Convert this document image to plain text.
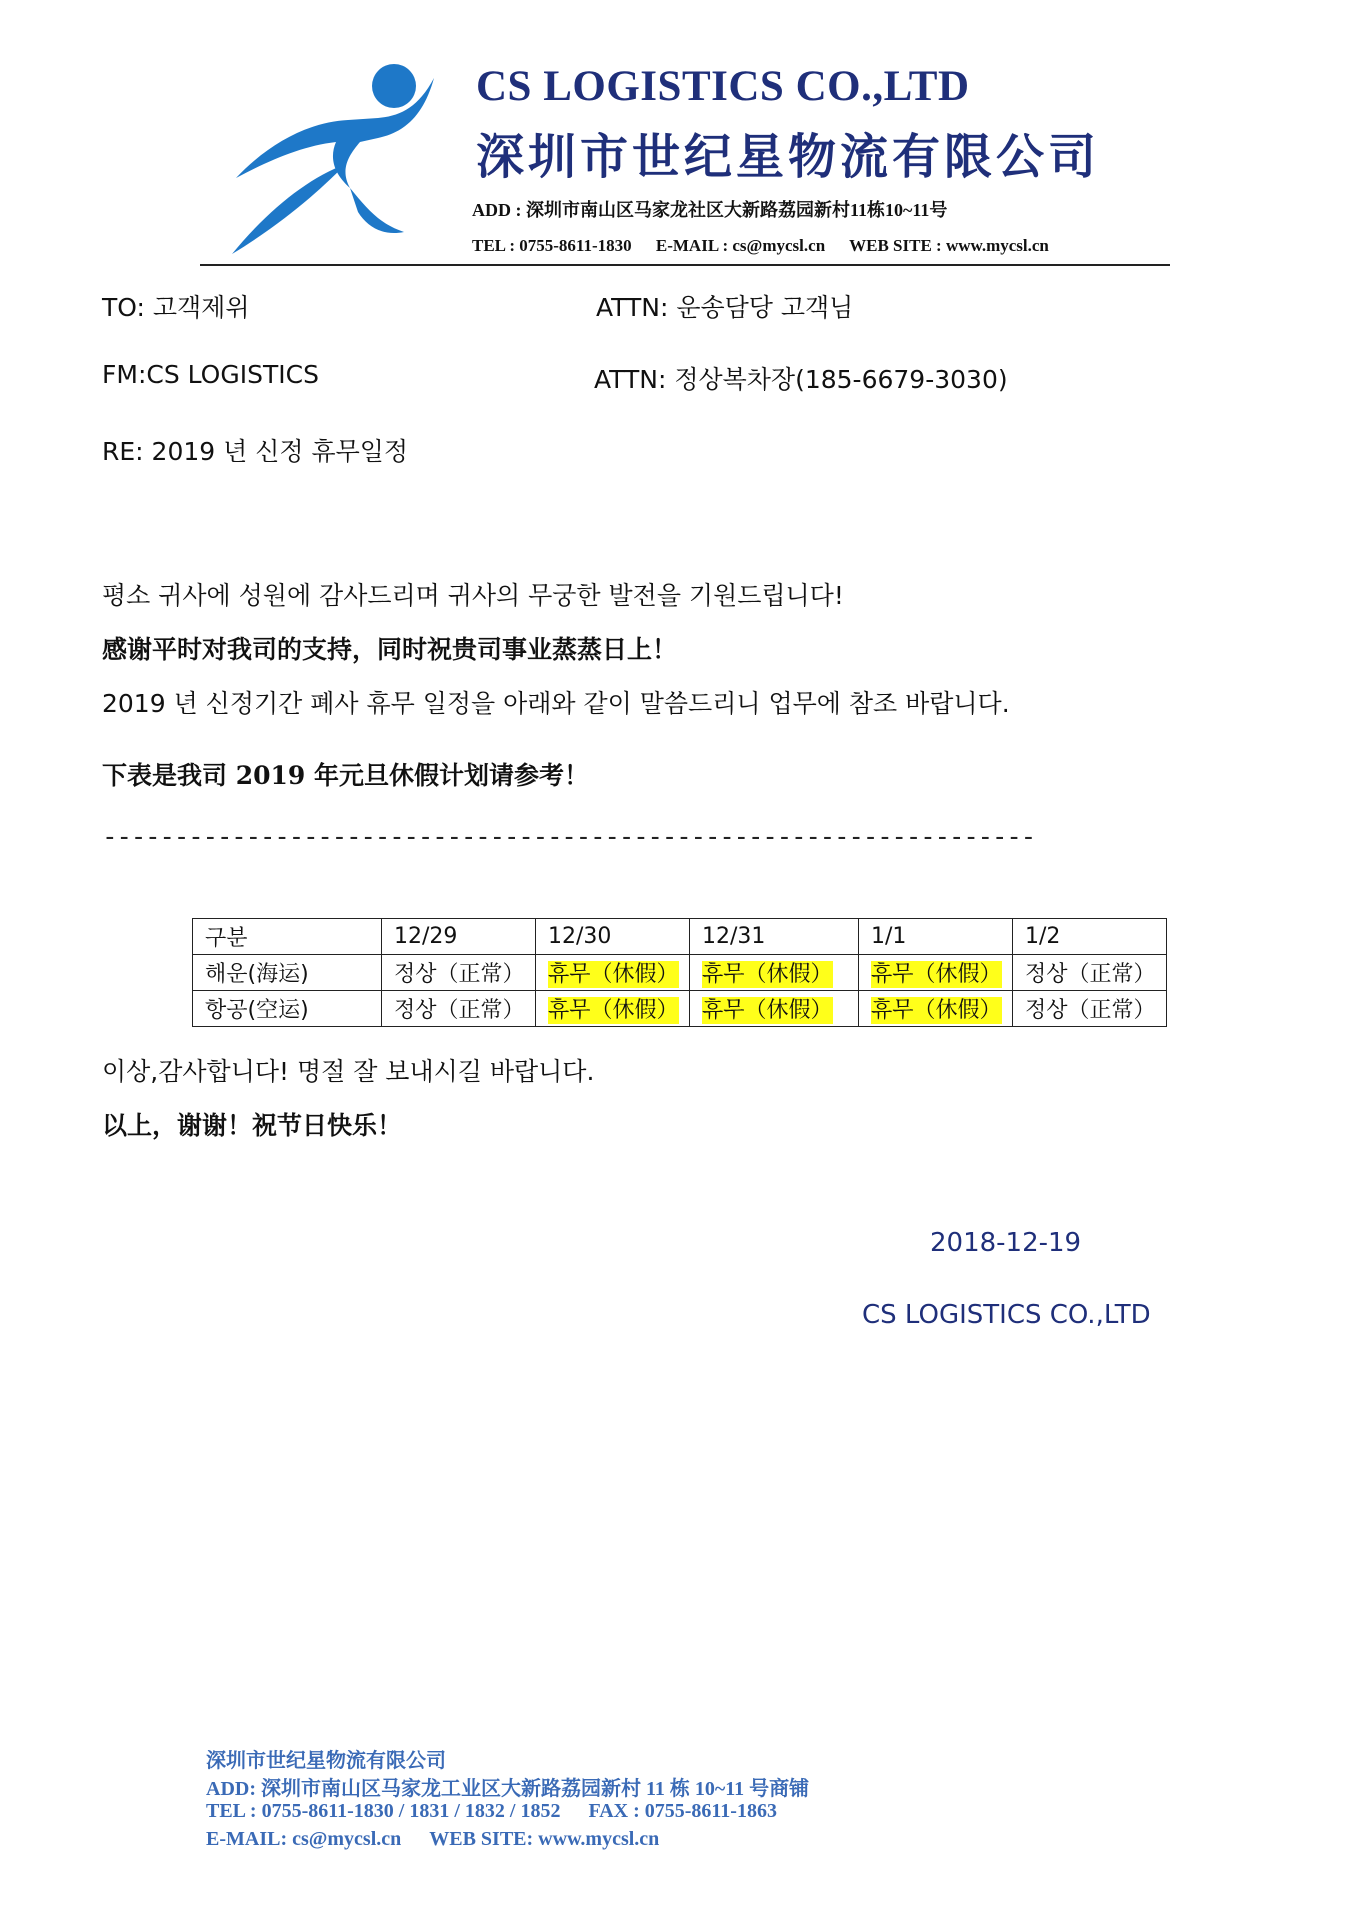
CS LOGISTICS CO.,LTD
深圳市世纪星物流有限公司
ADD : 深圳市南山区马家龙社区大新路荔园新村11栋10~11号
TEL : 0755-8611-1830 E-MAIL : cs@mycsl.cn WEB SITE : www.mycsl.cn
TO: 고객제위	ATTN: 운송담당 고객님
FM:CS LOGISTICS	ATTN: 정상복차장(185-6679-3030)
RE: 2019 년 신정 휴무일정
평소 귀사에 성원에 감사드리며 귀사의 무궁한 발전을 기원드립니다!
感谢平时对我司的支持，同时祝贵司事业蒸蒸日上！
2019 년 신정기간 폐사 휴무 일정을 아래와 같이 말씀드리니 업무에 참조 바랍니다.
下表是我司 2019 年元旦休假计划请参考！
-----------------------------------------------------------------
구분	12/29	12/30	12/31	1/1	1/2
해운(海运)	정상（正常）	휴무（休假）	휴무（休假）	휴무（休假）	정상（正常）
항공(空运)	정상（正常）	휴무（休假）	휴무（休假）	휴무（休假）	정상（正常）
이상,감사합니다! 명절 잘 보내시길 바랍니다.
以上，谢谢！祝节日快乐！
2018-12-19
CS LOGISTICS CO.,LTD
深圳市世纪星物流有限公司
ADD: 深圳市南山区马家龙工业区大新路荔园新村 11 栋 10~11 号商铺
TEL : 0755-8611-1830 / 1831 / 1832 / 1852 FAX : 0755-8611-1863
E-MAIL: cs@mycsl.cn WEB SITE: www.mycsl.cn
